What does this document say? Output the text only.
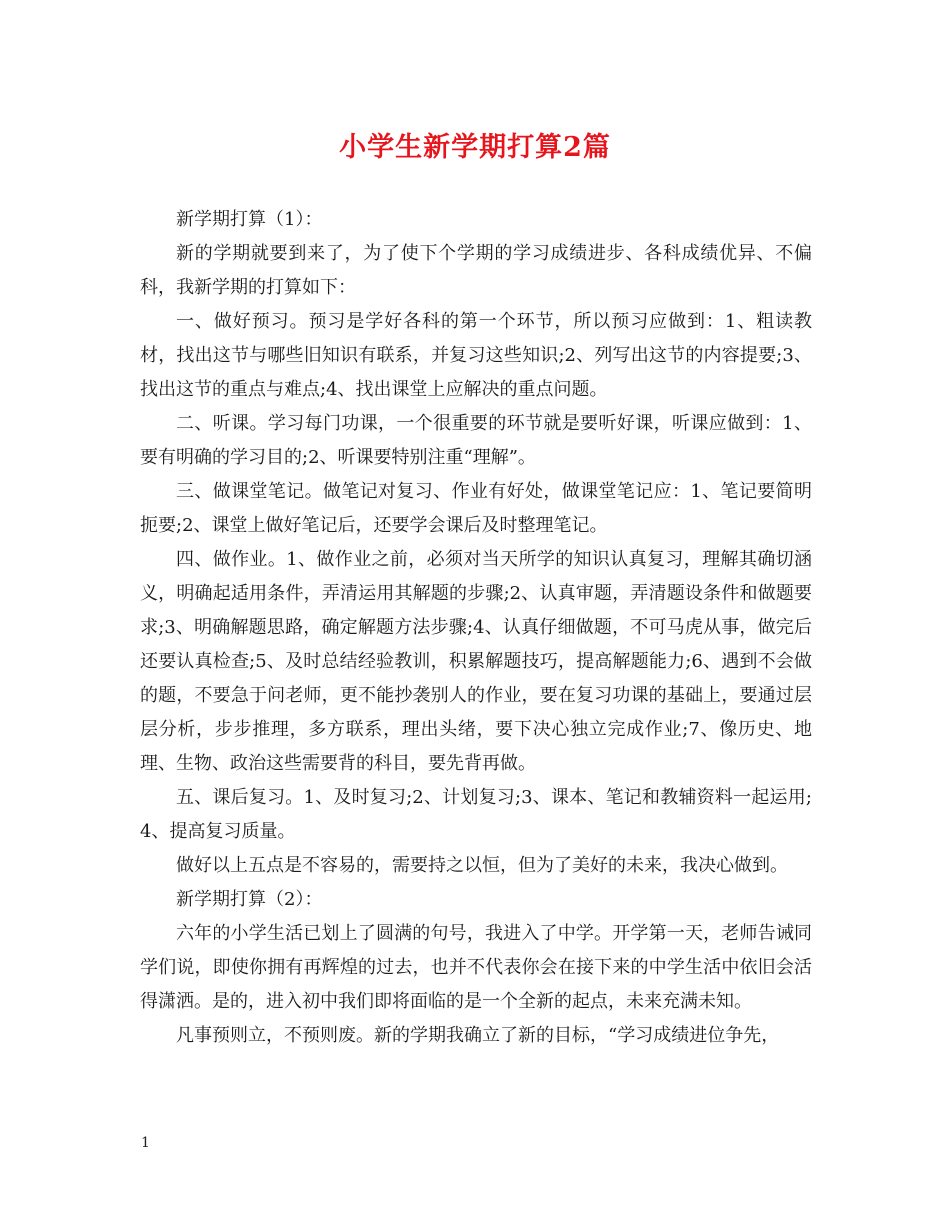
小学生新学期打算2篇

新学期打算（1）：

新的学期就要到来了，为了使下个学期的学习成绩进步、各科成绩优异、不偏科，我新学期的打算如下：

一、做好预习。预习是学好各科的第一个环节，所以预习应做到：1、粗读教材，找出这节与哪些旧知识有联系，并复习这些知识;2、列写出这节的内容提要;3、找出这节的重点与难点;4、找出课堂上应解决的重点问题。

二、听课。学习每门功课，一个很重要的环节就是要听好课，听课应做到：1、要有明确的学习目的;2、听课要特别注重“理解”。

三、做课堂笔记。做笔记对复习、作业有好处，做课堂笔记应：1、笔记要简明扼要;2、课堂上做好笔记后，还要学会课后及时整理笔记。

四、做作业。1、做作业之前，必须对当天所学的知识认真复习，理解其确切涵义，明确起适用条件，弄清运用其解题的步骤;2、认真审题，弄清题设条件和做题要求;3、明确解题思路，确定解题方法步骤;4、认真仔细做题，不可马虎从事，做完后还要认真检查;5、及时总结经验教训，积累解题技巧，提高解题能力;6、遇到不会做的题，不要急于问老师，更不能抄袭别人的作业，要在复习功课的基础上，要通过层层分析，步步推理，多方联系，理出头绪，要下决心独立完成作业;7、像历史、地理、生物、政治这些需要背的科目，要先背再做。

五、课后复习。1、及时复习;2、计划复习;3、课本、笔记和教辅资料一起运用;4、提高复习质量。

做好以上五点是不容易的，需要持之以恒，但为了美好的未来，我决心做到。

新学期打算（2）：

六年的小学生活已划上了圆满的句号，我进入了中学。开学第一天，老师告诫同学们说，即使你拥有再辉煌的过去，也并不代表你会在接下来的中学生活中依旧会活得潇洒。是的，进入初中我们即将面临的是一个全新的起点，未来充满未知。

凡事预则立，不预则废。新的学期我确立了新的目标，“学习成绩进位争先，

1
